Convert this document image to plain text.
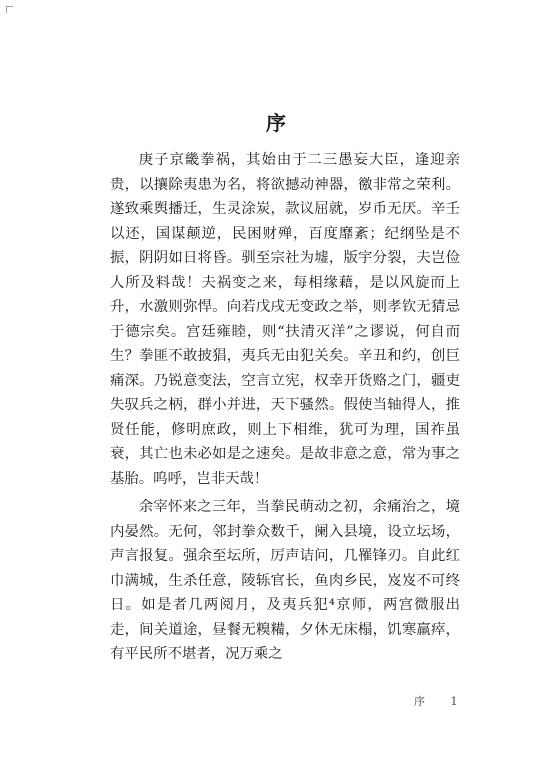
序

庚子京畿拳祸，其始由于二三愚妄大臣，逢迎亲贵，以攘除夷患为名，将欲撼动神器，徼非常之荣利。遂致乘舆播迁，生灵涂炭，款议屈就，岁币无厌。辛壬以还，国谋颠逆，民困财殚，百度靡紊；纪纲坠是不振，阴阴如日将昏。驯至宗社为墟，版宇分裂，夫岂俭人所及料哉！夫祸变之来，每相缘藉，是以风旋而上升，水激则弥悍。向若戊戌无变政之举，则孝钦无猜忌于德宗矣。宫廷雍睦，则“扶清灭洋”之谬说，何自而生？拳匪不敢披猖，夷兵无由犯关矣。辛丑和约，创巨痛深。乃锐意变法，空言立宪，权幸开货赂之门，疆吏失驭兵之柄，群小并进，天下骚然。假使当轴得人，推贤任能，修明庶政，则上下相维，犹可为理，国祚虽衰，其亡也未必如是之速矣。是故非意之意，常为事之基胎。呜呼，岂非天哉！

余宰怀来之三年，当拳民萌动之初，余痛治之，境内晏然。无何，邻封拳众数千，阑入县境，设立坛场，声言报复。强余至坛所，厉声诘问，几罹锋刃。自此红巾满城，生杀任意，陵轹官长，鱼肉乡民，岌岌不可终日。如是者几两阅月，及夷兵犯⁴京师，两宫微服出走，间关道途，昼餐无糗糒，夕休无床榻，饥寒羸瘁，有平民所不堪者，况万乘之

序 1
